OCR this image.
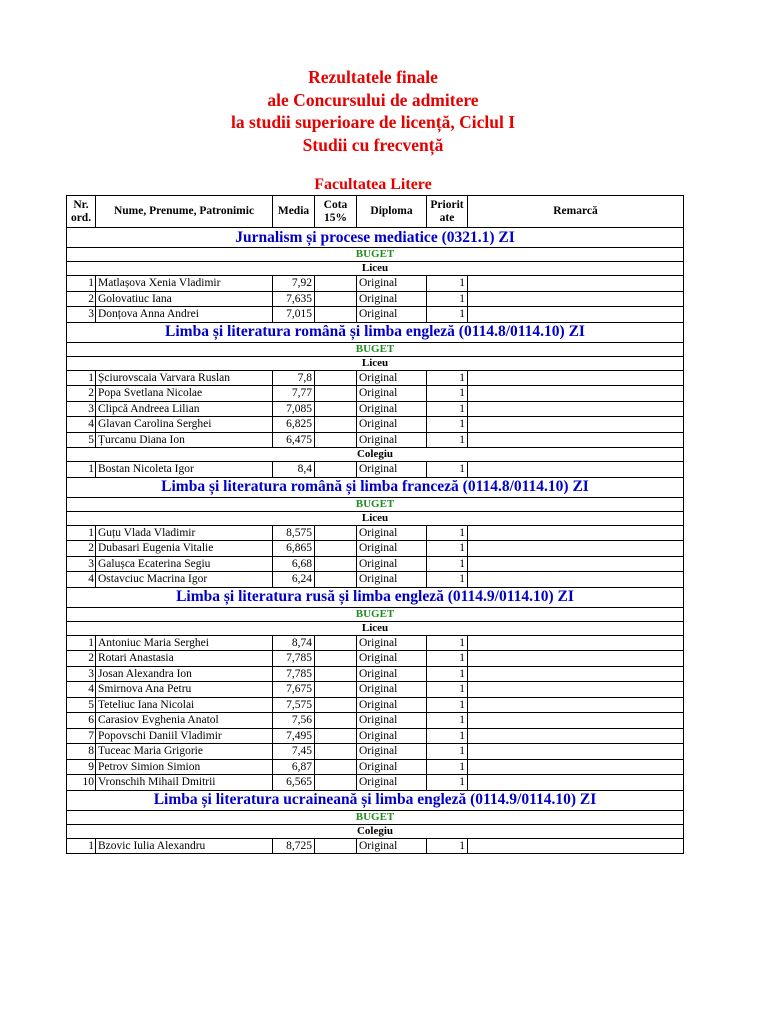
Rezultatele finale
ale Concursului de admitere
la studii superioare de licență, Ciclul I
Studii cu frecvență
Facultatea Litere
Nr. ord.	Nume, Prenume, Patronimic	Media	Cota 15%	Diploma	Priorit ate	Remarcă
Jurnalism și procese mediatice (0321.1) ZI						
BUGET						
Liceu						
1	Matlașova Xenia Vladimir	7,92		Original	1	
2	Golovatiuc Iana	7,635		Original	1	
3	Donțova Anna Andrei	7,015		Original	1	
Limba și literatura română și limba engleză (0114.8/0114.10) ZI						
BUGET						
Liceu						
1	Șciurovscaia Varvara Ruslan	7,8		Original	1	
2	Popa Svetlana Nicolae	7,77		Original	1	
3	Clipcă Andreea Lilian	7,085		Original	1	
4	Glavan Carolina Serghei	6,825		Original	1	
5	Țurcanu Diana Ion	6,475		Original	1	
Colegiu						
1	Bostan Nicoleta Igor	8,4		Original	1	
Limba și literatura română și limba franceză (0114.8/0114.10) ZI						
BUGET						
Liceu						
1	Guțu Vlada Vladimir	8,575		Original	1	
2	Dubasari Eugenia Vitalie	6,865		Original	1	
3	Galușca Ecaterina Segiu	6,68		Original	1	
4	Ostavciuc Macrina Igor	6,24		Original	1	
Limba și literatura rusă și limba engleză (0114.9/0114.10) ZI						
BUGET						
Liceu						
1	Antoniuc Maria Serghei	8,74		Original	1	
2	Rotari Anastasia	7,785		Original	1	
3	Josan Alexandra Ion	7,785		Original	1	
4	Smirnova Ana Petru	7,675		Original	1	
5	Teteliuc Iana Nicolai	7,575		Original	1	
6	Carasiov Evghenia Anatol	7,56		Original	1	
7	Popovschi Daniil Vladimir	7,495		Original	1	
8	Tuceac Maria Grigorie	7,45		Original	1	
9	Petrov Simion Simion	6,87		Original	1	
10	Vronschih Mihail Dmitrii	6,565		Original	1	
Limba și literatura ucraineană și limba engleză (0114.9/0114.10) ZI						
BUGET						
Colegiu						
1	Bzovic Iulia Alexandru	8,725		Original	1	
